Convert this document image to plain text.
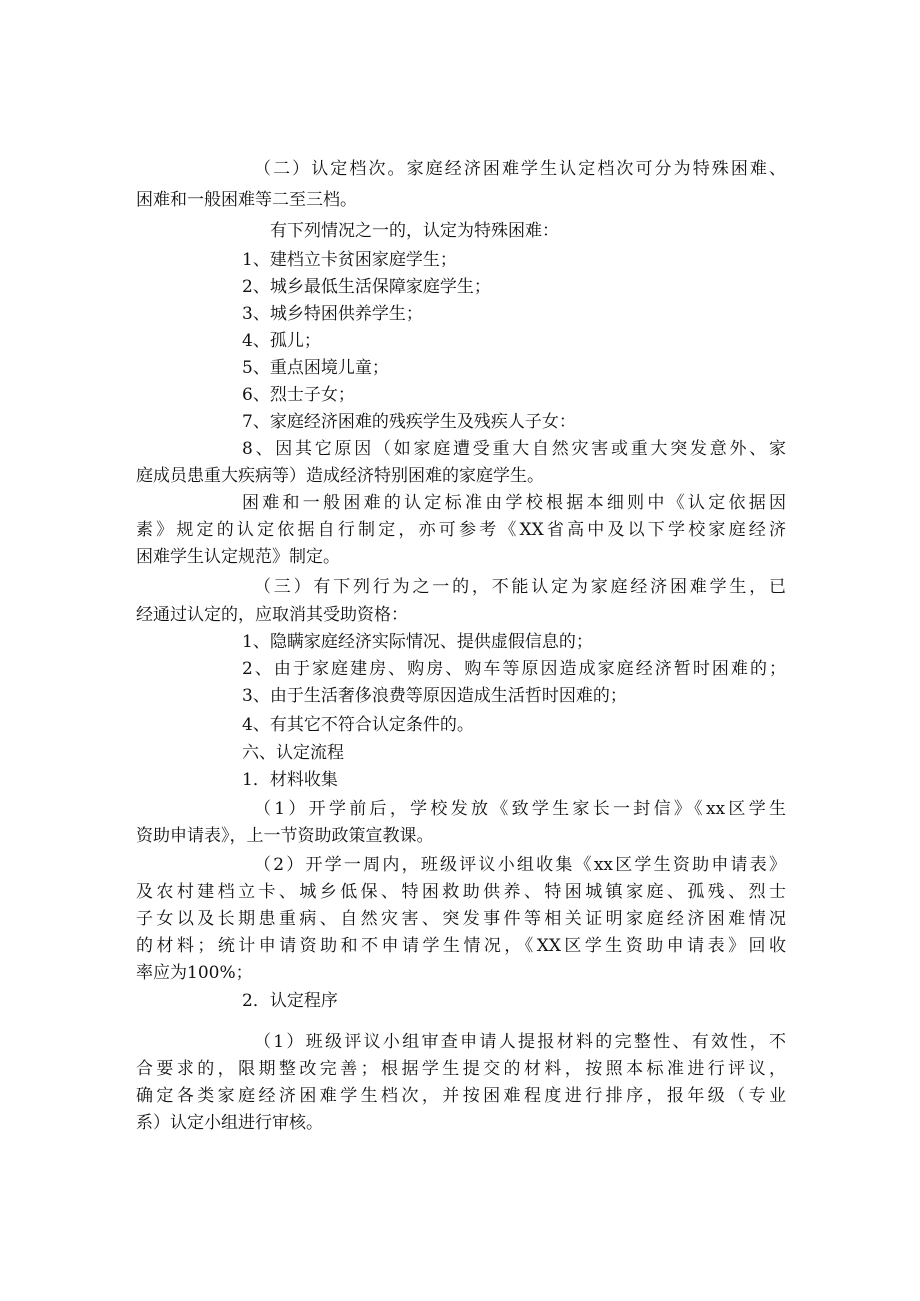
（二）认定档次。家庭经济困难学生认定档次可分为特殊困难、
困难和一般困难等二至三档。
有下列情况之一的，认定为特殊困难：
1、建档立卡贫困家庭学生；
2、城乡最低生活保障家庭学生；
3、城乡特困供养学生；
4、孤儿；
5、重点困境儿童；
6、烈士子女；
7、家庭经济困难的残疾学生及残疾人子女：
8、因其它原因（如家庭遭受重大自然灾害或重大突发意外、家
庭成员患重大疾病等）造成经济特别困难的家庭学生。
困难和一般困难的认定标准由学校根据本细则中《认定依据因
素》规定的认定依据自行制定，亦可参考《XX省高中及以下学校家庭经济
困难学生认定规范》制定。
（三）有下列行为之一的，不能认定为家庭经济困难学生，已
经通过认定的，应取消其受助资格：
1、隐瞒家庭经济实际情况、提供虚假信息的；
2、由于家庭建房、购房、购车等原因造成家庭经济暂时困难的；
3、由于生活奢侈浪费等原因造成生活哲时因难的；
4、有其它不符合认定条件的。
六、认定流程
1．材料收集
（1）开学前后，学校发放《致学生家长一封信》《xx区学生
资助申请表》，上一节资助政策宣教课。
（2）开学一周内，班级评议小组收集《xx区学生资助申请表》
及农村建档立卡、城乡低保、特困救助供养、特困城镇家庭、孤残、烈士
子女以及长期患重病、自然灾害、突发事件等相关证明家庭经济困难情况
的材料；统计申请资助和不申请学生情况，《XX区学生资助申请表》回收
率应为100%；
2．认定程序
（1）班级评议小组审查申请人提报材料的完整性、有效性，不
合要求的，限期整改完善；根据学生提交的材料，按照本标准进行评议，
确定各类家庭经济困难学生档次，并按困难程度进行排序，报年级（专业
系）认定小组进行审核。
